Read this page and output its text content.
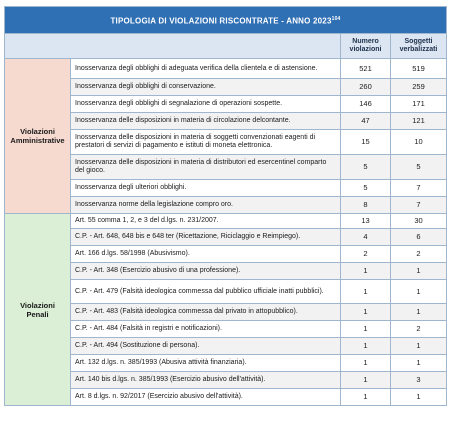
TIPOLOGIA DI VIOLAZIONI RISCONTRATE - ANNO 2023$^{104}$
		Numero violazioni	Soggetti verbalizzati
Violazioni Amministrative	Inosservanza degli obblighi di adeguata verifica della clientela e di astensione.	521	519
	Inosservanza degli obblighi di conservazione.	260	259
	Inosservanza degli obblighi di segnalazione di operazioni sospette.	146	171
	Inosservanza delle disposizioni in materia di circolazione delcontante.	47	121
	Inosservanza delle disposizioni in materia di soggetti convenzionati eagenti di prestatori di servizi di pagamento e istituti di moneta elettronica.	15	10
	Inosservanza delle disposizioni in materia di distributori ed esercentinel comparto del gioco.	5	5
	Inosservanza degli ulteriori obblighi.	5	7
	Inosservanza norme della legislazione compro oro.	8	7
Violazioni Penali	Art. 55 comma 1, 2, e 3 del d.lgs. n. 231/2007.	13	30
	C.P. - Art. 648, 648 bis e 648 ter (Ricettazione, Riciclaggio e Reimpiego).	4	6
	Art. 166 d.lgs. 58/1998 (Abusivismo).	2	2
	C.P. - Art. 348 (Esercizio abusivo di una professione).	1	1
	C.P. - Art. 479 (Falsità ideologica commessa dal pubblico ufficiale inatti pubblici).	1	1
	C.P. - Art. 483 (Falsità ideologica commessa dal privato in attopubblico).	1	1
	C.P. - Art. 484 (Falsità in registri e notificazioni).	1	2
	C.P. - Art. 494 (Sostituzione di persona).	1	1
	Art. 132 d.lgs. n. 385/1993 (Abusiva attività finanziaria).	1	1
	Art. 140 bis d.lgs. n. 385/1993 (Esercizio abusivo dell'attività).	1	3
	Art. 8 d.lgs. n. 92/2017 (Esercizio abusivo dell'attività).	1	1
